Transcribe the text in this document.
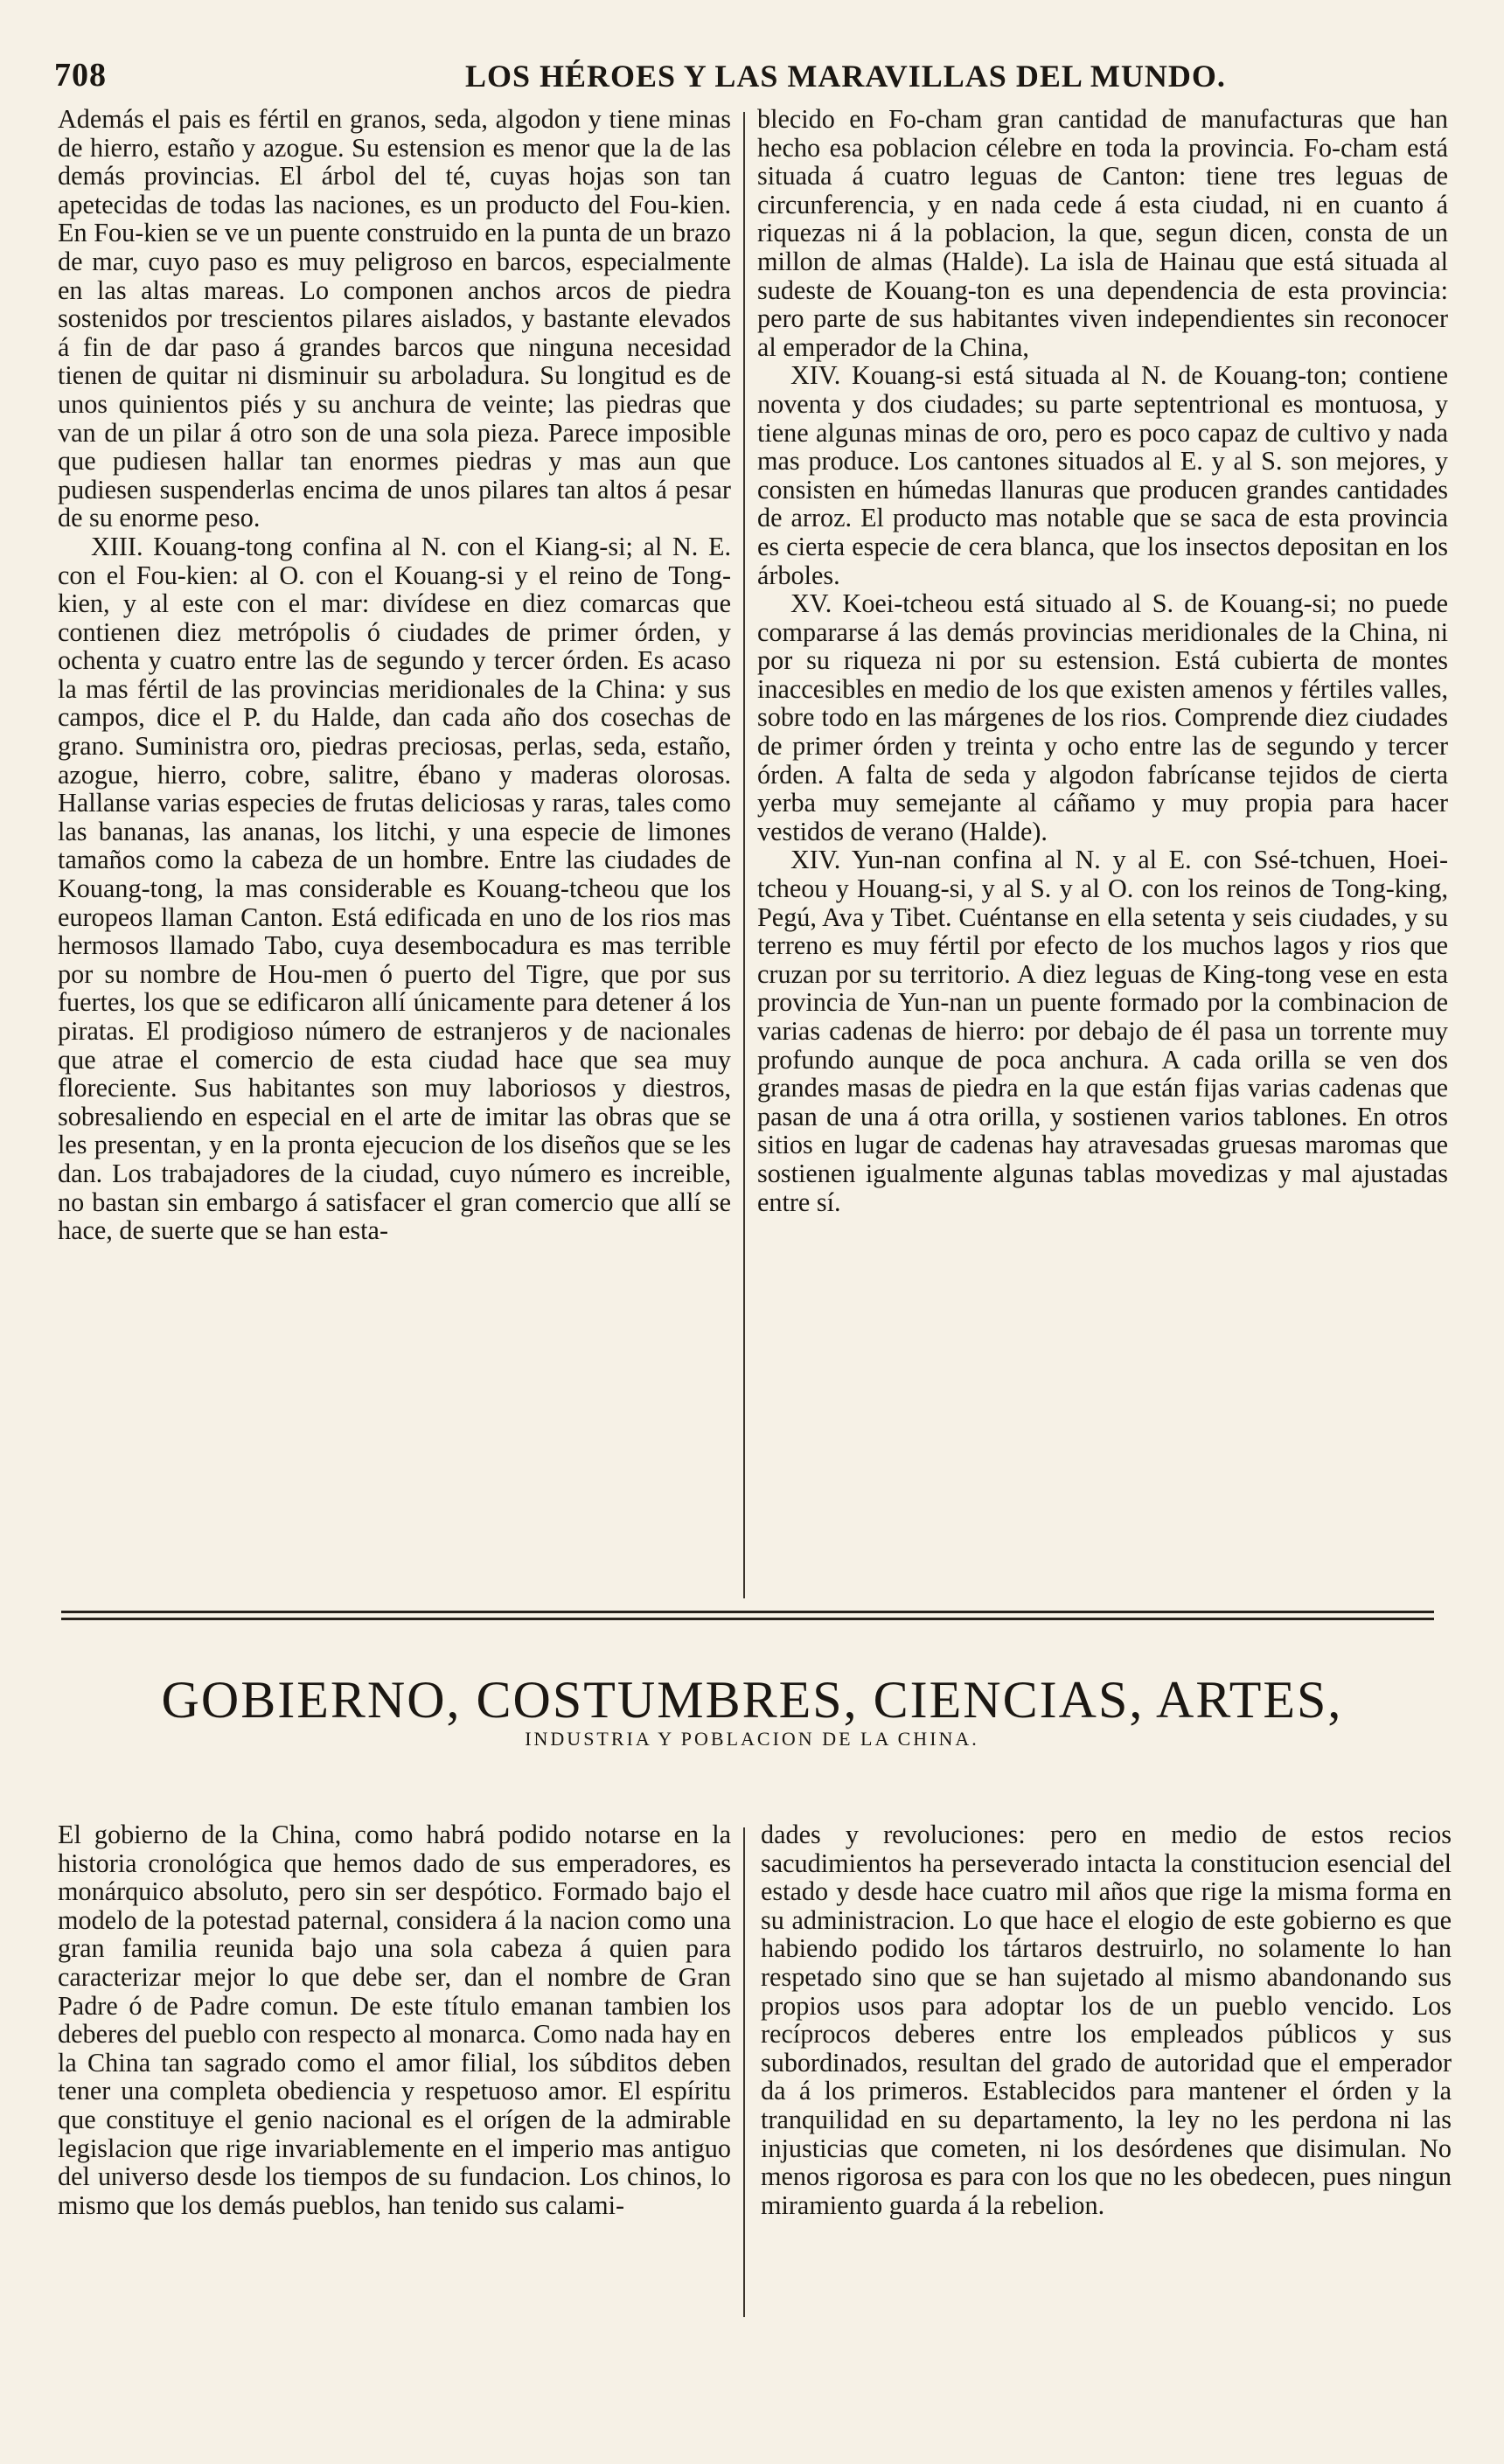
708	LOS HÉROES Y LAS MARAVILLAS DEL MUNDO.

Además el pais es fértil en granos, seda, algodon y tiene minas de hierro, estaño y azogue. Su estension es menor que la de las demás provincias. El árbol del té, cuyas hojas son tan apetecidas de todas las naciones, es un producto del Fou-kien. En Fou-kien se ve un puente construido en la punta de un brazo de mar, cuyo paso es muy peligroso en barcos, especialmente en las altas mareas. Lo componen anchos arcos de piedra sostenidos por trescientos pilares aislados, y bastante elevados á fin de dar paso á grandes barcos que ninguna necesidad tienen de quitar ni disminuir su arboladura. Su longitud es de unos quinientos piés y su anchura de veinte; las piedras que van de un pilar á otro son de una sola pieza. Parece imposible que pudiesen hallar tan enormes piedras y mas aun que pudiesen suspenderlas encima de unos pilares tan altos á pesar de su enorme peso.

XIII. Kouang-tong confina al N. con el Kiang-si; al N. E. con el Fou-kien: al O. con el Kouang-si y el reino de Tong-kien, y al este con el mar: divídese en diez comarcas que contienen diez metrópolis ó ciudades de primer órden, y ochenta y cuatro entre las de segundo y tercer órden. Es acaso la mas fértil de las provincias meridionales de la China: y sus campos, dice el P. du Halde, dan cada año dos cosechas de grano. Suministra oro, piedras preciosas, perlas, seda, estaño, azogue, hierro, cobre, salitre, ébano y maderas olorosas. Hallanse varias especies de frutas deliciosas y raras, tales como las bananas, las ananas, los litchi, y una especie de limones tamaños como la cabeza de un hombre. Entre las ciudades de Kouang-tong, la mas considerable es Kouang-tcheou que los europeos llaman Canton. Está edificada en uno de los rios mas hermosos llamado Tabo, cuya desembocadura es mas terrible por su nombre de Hou-men ó puerto del Tigre, que por sus fuertes, los que se edificaron allí únicamente para detener á los piratas. El prodigioso número de estranjeros y de nacionales que atrae el comercio de esta ciudad hace que sea muy floreciente. Sus habitantes son muy laboriosos y diestros, sobresaliendo en especial en el arte de imitar las obras que se les presentan, y en la pronta ejecucion de los diseños que se les dan. Los trabajadores de la ciudad, cuyo número es increible, no bastan sin embargo á satisfacer el gran comercio que allí se hace, de suerte que se han esta-

blecido en Fo-cham gran cantidad de manufacturas que han hecho esa poblacion célebre en toda la provincia. Fo-cham está situada á cuatro leguas de Canton: tiene tres leguas de circunferencia, y en nada cede á esta ciudad, ni en cuanto á riquezas ni á la poblacion, la que, segun dicen, consta de un millon de almas (Halde). La isla de Hainau que está situada al sudeste de Kouang-ton es una dependencia de esta provincia: pero parte de sus habitantes viven independientes sin reconocer al emperador de la China,

XIV. Kouang-si está situada al N. de Kouang-ton; contiene noventa y dos ciudades; su parte septentrional es montuosa, y tiene algunas minas de oro, pero es poco capaz de cultivo y nada mas produce. Los cantones situados al E. y al S. son mejores, y consisten en húmedas llanuras que producen grandes cantidades de arroz. El producto mas notable que se saca de esta provincia es cierta especie de cera blanca, que los insectos depositan en los árboles.

XV. Koei-tcheou está situado al S. de Kouang-si; no puede compararse á las demás provincias meridionales de la China, ni por su riqueza ni por su estension. Está cubierta de montes inaccesibles en medio de los que existen amenos y fértiles valles, sobre todo en las márgenes de los rios. Comprende diez ciudades de primer órden y treinta y ocho entre las de segundo y tercer órden. A falta de seda y algodon fabrícanse tejidos de cierta yerba muy semejante al cáñamo y muy propia para hacer vestidos de verano (Halde).

XIV. Yun-nan confina al N. y al E. con Ssé-tchuen, Hoei-tcheou y Houang-si, y al S. y al O. con los reinos de Tong-king, Pegú, Ava y Tibet. Cuéntanse en ella setenta y seis ciudades, y su terreno es muy fértil por efecto de los muchos lagos y rios que cruzan por su territorio. A diez leguas de King-tong vese en esta provincia de Yun-nan un puente formado por la combinacion de varias cadenas de hierro: por debajo de él pasa un torrente muy profundo aunque de poca anchura. A cada orilla se ven dos grandes masas de piedra en la que están fijas varias cadenas que pasan de una á otra orilla, y sostienen varios tablones. En otros sitios en lugar de cadenas hay atravesadas gruesas maromas que sostienen igualmente algunas tablas movedizas y mal ajustadas entre sí.

GOBIERNO, COSTUMBRES, CIENCIAS, ARTES,
INDUSTRIA Y POBLACION DE LA CHINA.

El gobierno de la China, como habrá podido notarse en la historia cronológica que hemos dado de sus emperadores, es monárquico absoluto, pero sin ser despótico. Formado bajo el modelo de la potestad paternal, considera á la nacion como una gran familia reunida bajo una sola cabeza á quien para caracterizar mejor lo que debe ser, dan el nombre de Gran Padre ó de Padre comun. De este título emanan tambien los deberes del pueblo con respecto al monarca. Como nada hay en la China tan sagrado como el amor filial, los súbditos deben tener una completa obediencia y respetuoso amor. El espíritu que constituye el genio nacional es el orígen de la admirable legislacion que rige invariablemente en el imperio mas antiguo del universo desde los tiempos de su fundacion. Los chinos, lo mismo que los demás pueblos, han tenido sus calami-

dades y revoluciones: pero en medio de estos recios sacudimientos ha perseverado intacta la constitucion esencial del estado y desde hace cuatro mil años que rige la misma forma en su administracion. Lo que hace el elogio de este gobierno es que habiendo podido los tártaros destruirlo, no solamente lo han respetado sino que se han sujetado al mismo abandonando sus propios usos para adoptar los de un pueblo vencido. Los recíprocos deberes entre los empleados públicos y sus subordinados, resultan del grado de autoridad que el emperador da á los primeros. Establecidos para mantener el órden y la tranquilidad en su departamento, la ley no les perdona ni las injusticias que cometen, ni los desórdenes que disimulan. No menos rigorosa es para con los que no les obedecen, pues ningun miramiento guarda á la rebelion.
